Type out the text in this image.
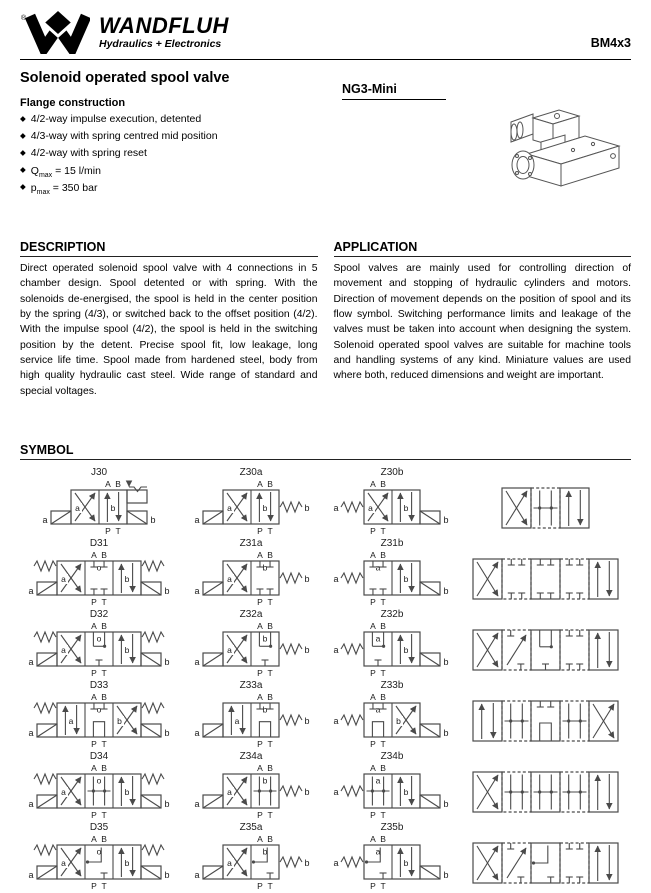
®	WANDFLUH
Hydraulics + Electronics	BM4x3
Solenoid operated spool valve
Flange construction
◆ 4/2-way impulse execution, detented
◆ 4/3-way with spring centred mid position
◆ 4/2-way with spring reset
◆ $Q_{max} = 15$ l/min
◆ $p_{max} = 350$ bar
NG3-Mini
DESCRIPTION

Direct operated solenoid spool valve with 4 connections in 5 chamber design. Spool detented or with spring. With the solenoids de-energised, the spool is held in the center position by the spring (4/3), or switched back to the offset position (4/2). With the impulse spool (4/2), the spool is held in the switching position by the detent. Precise spool fit, low leakage, long service life time. Spool made from hardened steel, body from high quality hydraulic cast steel. Wide range of standard and special voltages.

APPLICATION

Spool valves are mainly used for controlling direction of movement and stopping of hydraulic cylinders and motors. Direction of movement depends on the position of spool and its flow symbol. Switching performance limits and leakage of the valves must be taken into account when designing the system. Solenoid operated spool valves are suitable for machine tools and handling systems of any kind. Miniature values are used where both, reduced dimensions and weight are important.

SYMBOL
J30
a	b
A B
P T
a	b
Z30a
a	b
A B
P T
a
b
Z30b
a	b
A B
P T
a
b
D31
a
o
b
A B
P T
a	b
Z31a
a
b
A B
P T
a
b
Z31b
a
b
A B
P T
a
b
D32
a
o
b
A B
P T
a	b
Z32a
a
b
A B
P T
a
b
Z32b
a
b
A B
P T
a
b
D33
a
o
b
A B
P T
a	b
Z33a
a
b
A B
P T
a
b
Z33b
a
b
A B
P T
a
b
D34
a
o
b
A B
P T
a	b
Z34a
a
b
A B
P T
a
b
Z34b
a
b
A B
P T
a
b
D35
a
o
b
A B
P T
a	b
Z35a
a
b
A B
P T
a
b
Z35b
a
b
A B
P T
a
b
